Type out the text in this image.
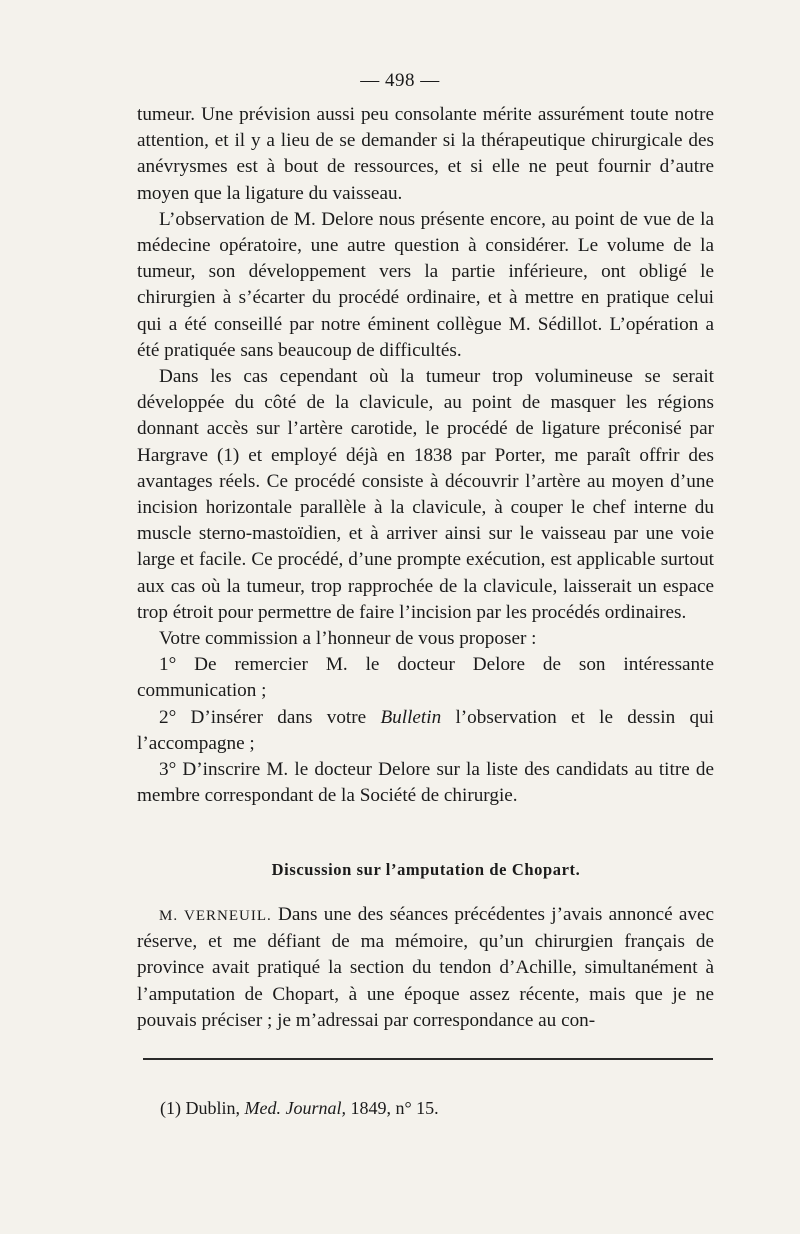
— 498 —

tumeur. Une prévision aussi peu consolante mérite assurément toute notre attention, et il y a lieu de se demander si la thérapeutique chirurgicale des anévrysmes est à bout de ressources, et si elle ne peut fournir d’autre moyen que la ligature du vaisseau.

L’observation de M. Delore nous présente encore, au point de vue de la médecine opératoire, une autre question à considérer. Le volume de la tumeur, son développement vers la partie inférieure, ont obligé le chirurgien à s’écarter du procédé ordinaire, et à mettre en pratique celui qui a été conseillé par notre éminent collègue M. Sédillot. L’opération a été pratiquée sans beaucoup de difficultés.

Dans les cas cependant où la tumeur trop volumineuse se serait développée du côté de la clavicule, au point de masquer les régions donnant accès sur l’artère carotide, le procédé de ligature préconisé par Hargrave (1) et employé déjà en 1838 par Porter, me paraît offrir des avantages réels. Ce procédé consiste à découvrir l’artère au moyen d’une incision horizontale parallèle à la clavicule, à couper le chef interne du muscle sterno-mastoïdien, et à arriver ainsi sur le vaisseau par une voie large et facile. Ce procédé, d’une prompte exécution, est applicable surtout aux cas où la tumeur, trop rapprochée de la clavicule, laisserait un espace trop étroit pour permettre de faire l’incision par les procédés ordinaires.

Votre commission a l’honneur de vous proposer :

1° De remercier M. le docteur Delore de son intéressante communication ;

2° D’insérer dans votre Bulletin l’observation et le dessin qui l’accompagne ;

3° D’inscrire M. le docteur Delore sur la liste des candidats au titre de membre correspondant de la Société de chirurgie.

Discussion sur l’amputation de Chopart.

M. VERNEUIL. Dans une des séances précédentes j’avais annoncé avec réserve, et me défiant de ma mémoire, qu’un chirurgien français de province avait pratiqué la section du tendon d’Achille, simultanément à l’amputation de Chopart, à une époque assez récente, mais que je ne pouvais préciser ; je m’adressai par correspondance au con-

(1) Dublin, Med. Journal, 1849, n° 15.
